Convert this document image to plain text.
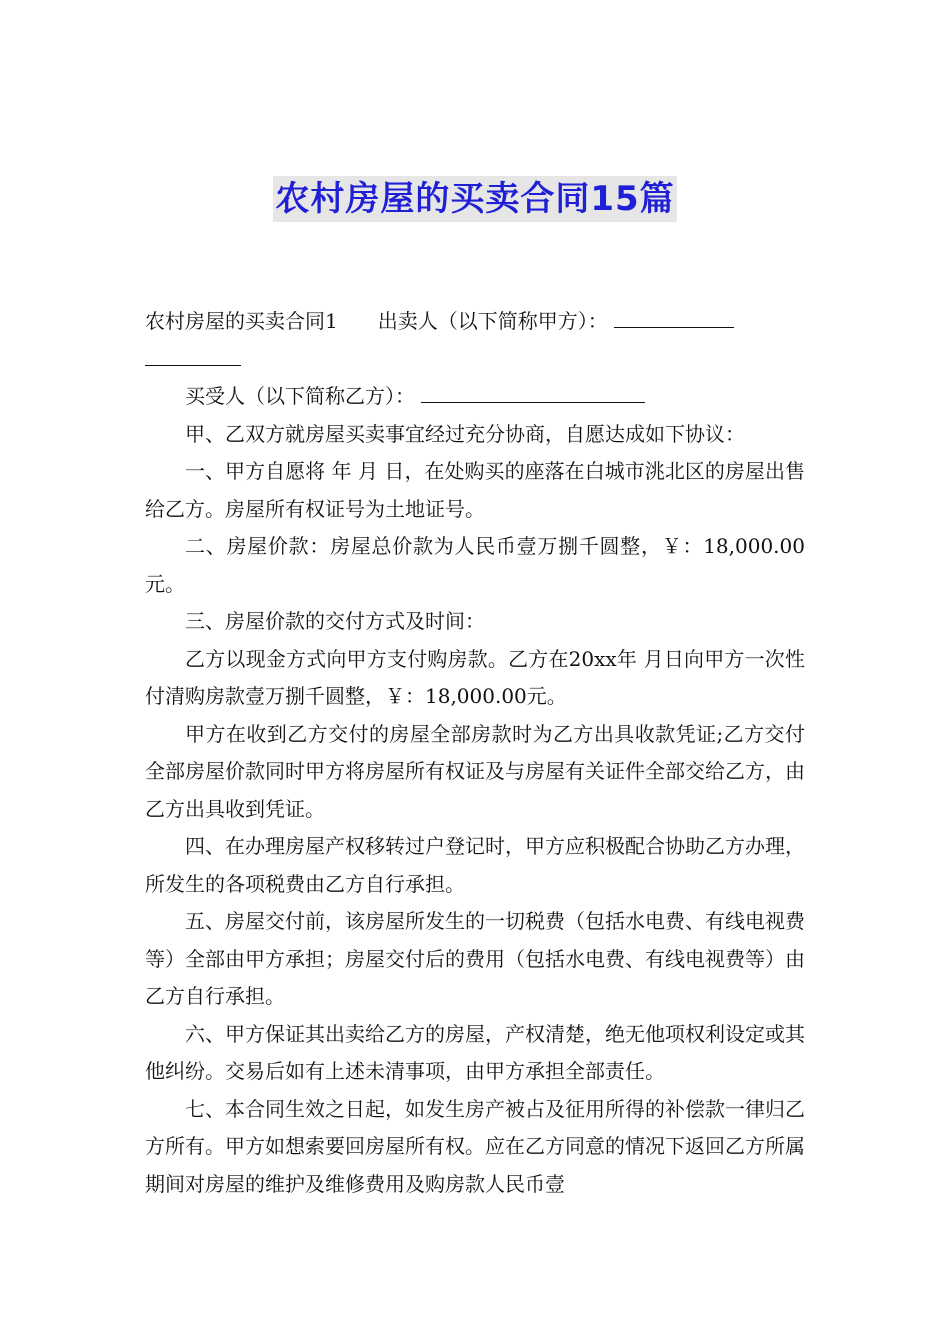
农村房屋的买卖合同15篇

农村房屋的买卖合同1 出卖人（以下简称甲方）：

买受人（以下简称乙方）：

甲、乙双方就房屋买卖事宜经过充分协商，自愿达成如下协议：

一、甲方自愿将 年 月 日，在处购买的座落在白城市洮北区的房屋出售给乙方。房屋所有权证号为土地证号。

二、房屋价款：房屋总价款为人民币壹万捌千圆整，￥：18,000.00元。

三、房屋价款的交付方式及时间：

乙方以现金方式向甲方支付购房款。乙方在20xx年 月日向甲方一次性付清购房款壹万捌千圆整，￥：18,000.00元。

甲方在收到乙方交付的房屋全部房款时为乙方出具收款凭证;乙方交付全部房屋价款同时甲方将房屋所有权证及与房屋有关证件全部交给乙方，由乙方出具收到凭证。

四、在办理房屋产权移转过户登记时，甲方应积极配合协助乙方办理，所发生的各项税费由乙方自行承担。

五、房屋交付前，该房屋所发生的一切税费（包括水电费、有线电视费等）全部由甲方承担；房屋交付后的费用（包括水电费、有线电视费等）由乙方自行承担。

六、甲方保证其出卖给乙方的房屋，产权清楚，绝无他项权利设定或其他纠纷。交易后如有上述未清事项，由甲方承担全部责任。

七、本合同生效之日起，如发生房产被占及征用所得的补偿款一律归乙方所有。甲方如想索要回房屋所有权。应在乙方同意的情况下返回乙方所属期间对房屋的维护及维修费用及购房款人民币壹
